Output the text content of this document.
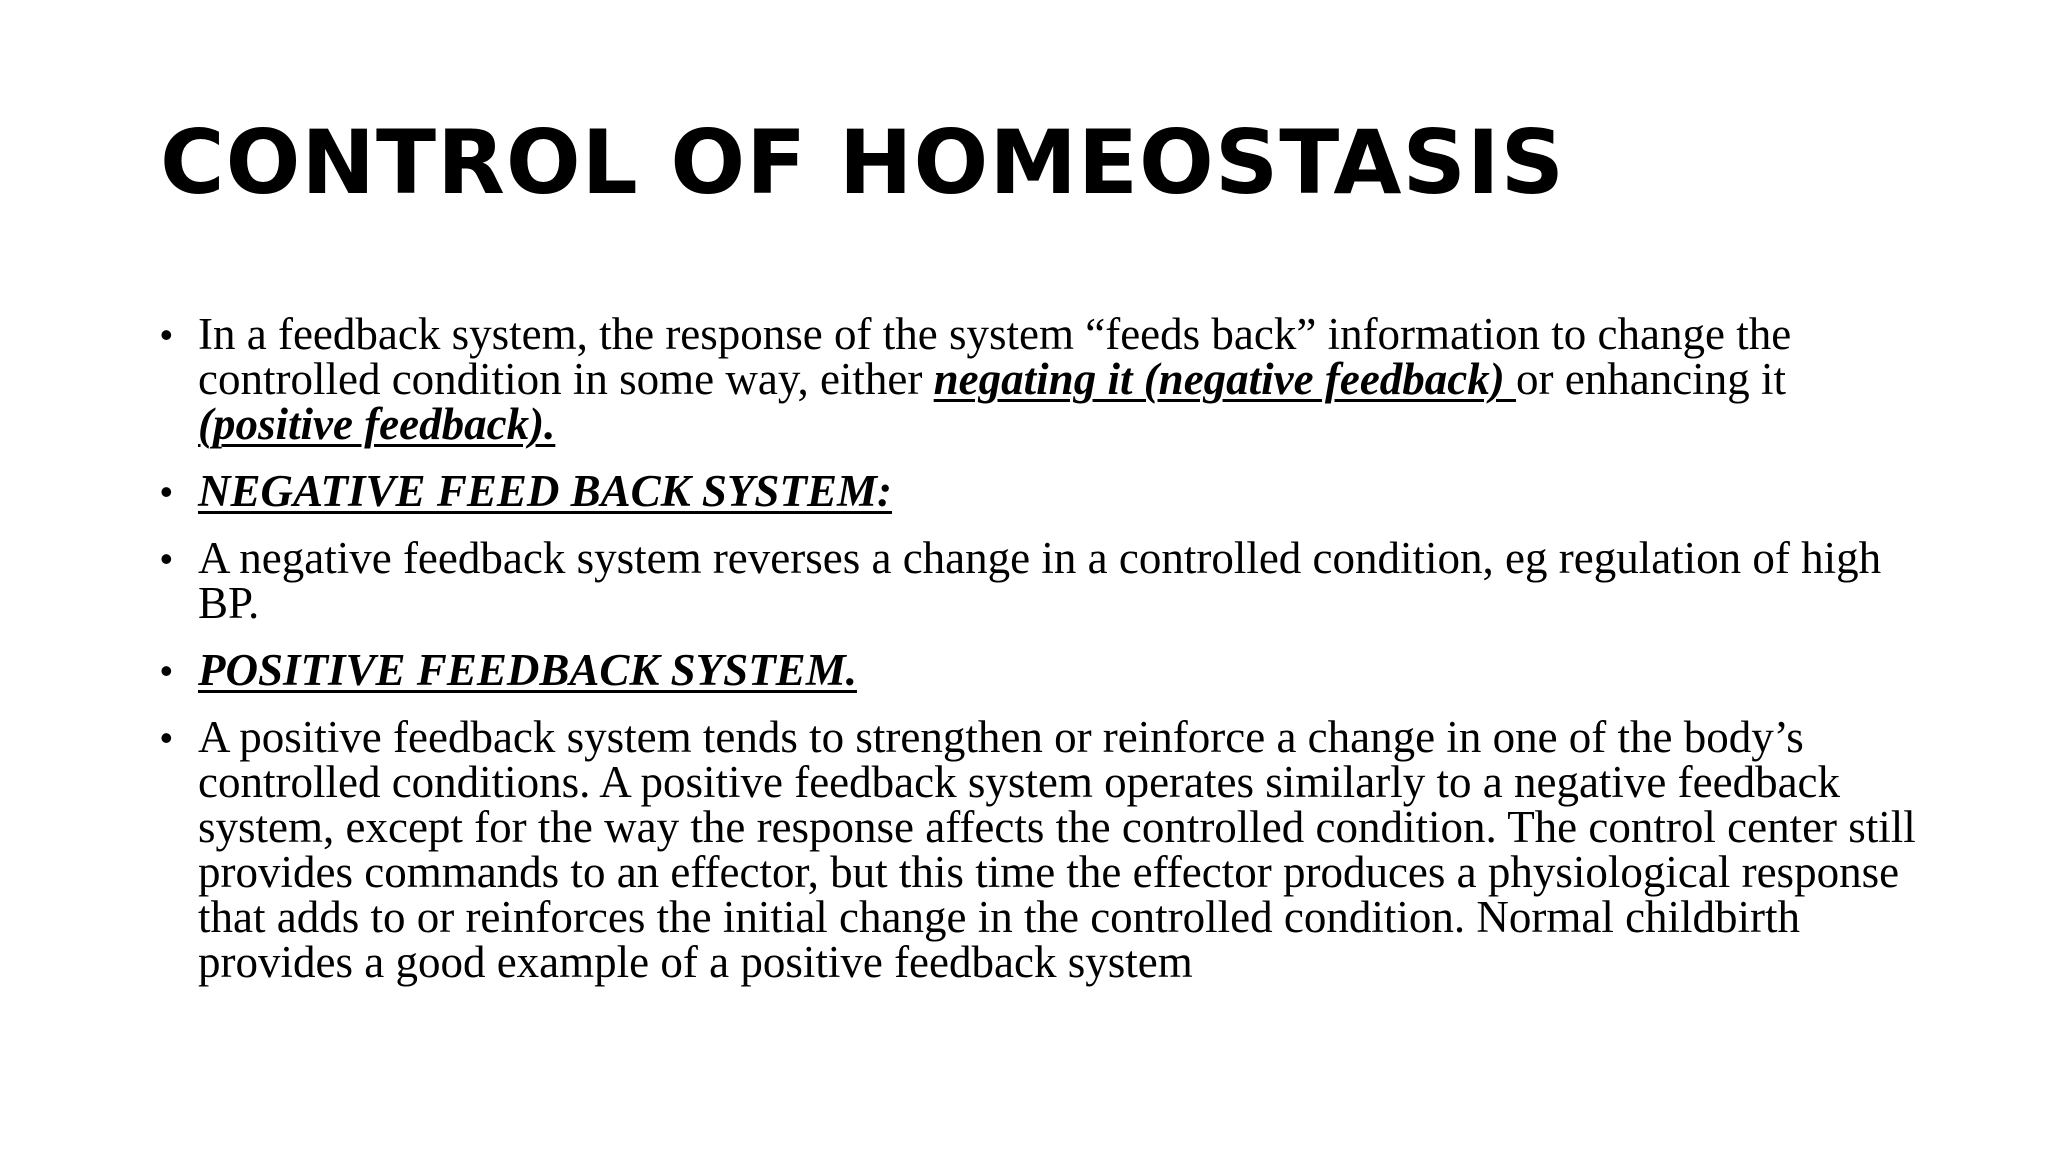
CONTROL OF HOMEOSTASIS
• In a feedback system, the response of the system “feeds back” information to change the controlled condition in some way, either negating it (negative feedback) or enhancing it (positive feedback).
• NEGATIVE FEED BACK SYSTEM:
• A negative feedback system reverses a change in a controlled condition, eg regulation of high BP.
• POSITIVE FEEDBACK SYSTEM.
• A positive feedback system tends to strengthen or reinforce a change in one of the body’s controlled conditions. A positive feedback system operates similarly to a negative feedback system, except for the way the response affects the controlled condition. The control center still provides commands to an effector, but this time the effector produces a physiological response that adds to or reinforces the initial change in the controlled condition. Normal childbirth provides a good example of a positive feedback system
